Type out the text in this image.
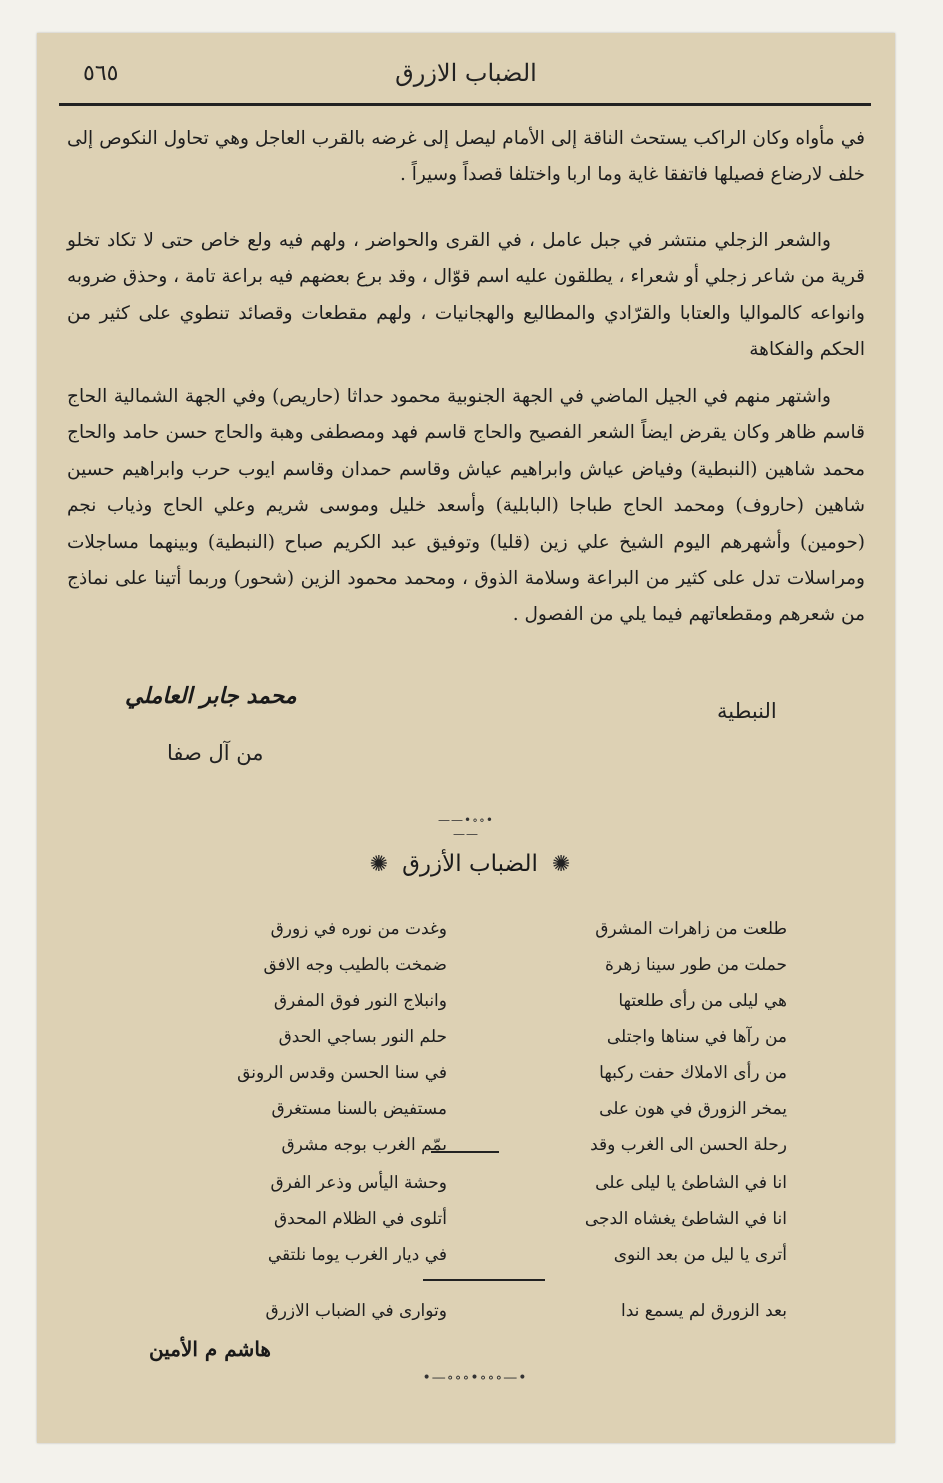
الضباب الازرق
٥٦٥

في مأواه وكان الراكب يستحث الناقة إلى الأمام ليصل إلى غرضه بالقرب العاجل وهي تحاول النكوص إلى خلف لارضاع فصيلها فاتفقا غاية وما اربا واختلفا قصداً وسيراً .

والشعر الزجلي منتشر في جبل عامل ، في القرى والحواضر ، ولهم فيه ولع خاص حتى لا تكاد تخلو قرية من شاعر زجلي أو شعراء ، يطلقون عليه اسم قوّال ، وقد برع بعضهم فيه براعة تامة ، وحذق ضروبه وانواعه كالمواليا والعتابا والقرّادي والمطاليع والهجانيات ، ولهم مقطعات وقصائد تنطوي على كثير من الحكم والفكاهة

واشتهر منهم في الجيل الماضي في الجهة الجنوبية محمود حداثا (حاريص) وفي الجهة الشمالية الحاج قاسم ظاهر وكان يقرض ايضاً الشعر الفصيح والحاج قاسم فهد ومصطفى وهبة والحاج حسن حامد والحاج محمد شاهين (النبطية) وفياض عياش وابراهيم عياش وقاسم حمدان وقاسم ايوب حرب وابراهيم حسين شاهين (حاروف) ومحمد الحاج طباجا (البابلية) وأسعد خليل وموسى شريم وعلي الحاج وذياب نجم (حومين) وأشهرهم اليوم الشيخ علي زين (قليا) وتوفيق عبد الكريم صباح (النبطية) وبينهما مساجلات ومراسلات تدل على كثير من البراعة وسلامة الذوق ، ومحمد محمود الزين (شحور) وربما أتينا على نماذج من شعرهم ومقطعاتهم فيما يلي من الفصول .

النبطية
محمد جابر العاملي
من آل صفا
——•∘∘•——
✺ الضباب الأزرق ✺
طلعت من زاهرات المشرق
وغدت من نوره في زورق
حملت من طور سينا زهرة
ضمخت بالطيب وجه الافق
هي ليلى من رأى طلعتها
وانبلاج النور فوق المفرق
من رآها في سناها واجتلى
حلم النور بساجي الحدق
من رأى الاملاك حفت ركبها
في سنا الحسن وقدس الرونق
يمخر الزورق في هون على
مستفيض بالسنا مستغرق
رحلة الحسن الى الغرب وقد
يمّم الغرب بوجه مشرق
انا في الشاطئ يا ليلى على
وحشة اليأس وذعر الفرق
انا في الشاطئ يغشاه الدجى
أتلوى في الظلام المحدق
أترى يا ليل من بعد النوى
في ديار الغرب يوما نلتقي
بعد الزورق لم يسمع ندا
وتوارى في الضباب الازرق
هاشم م الأمين
•—∘∘∘•∘∘∘—•
